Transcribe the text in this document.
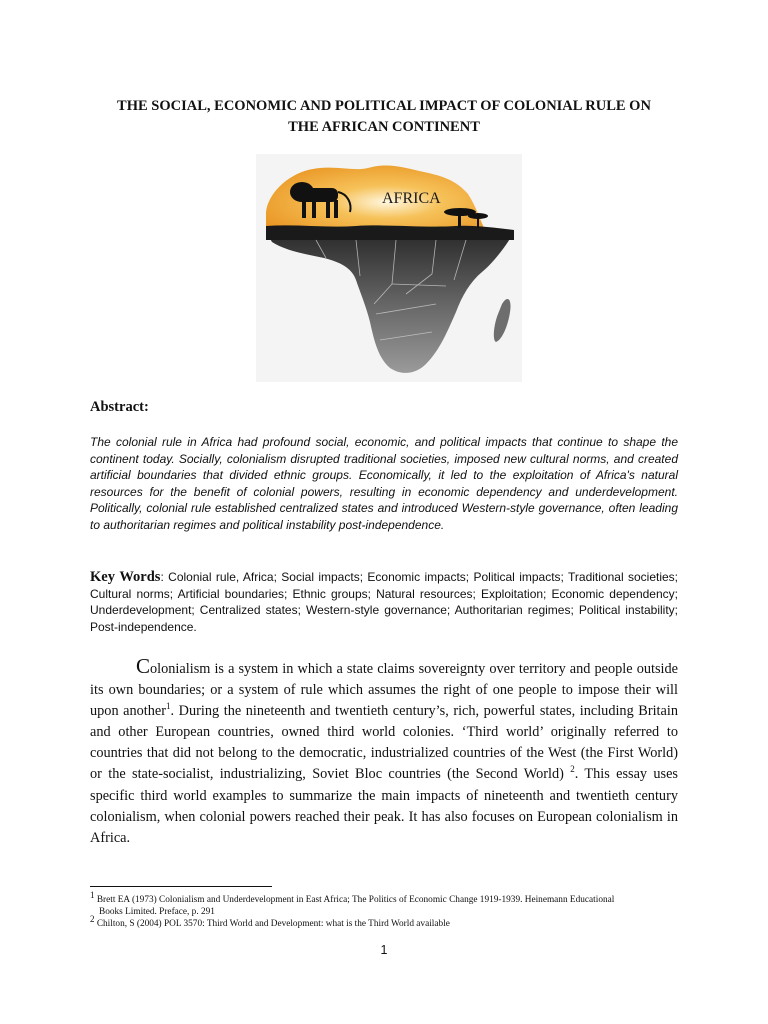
THE SOCIAL, ECONOMIC AND POLITICAL IMPACT OF COLONIAL RULE ON
THE AFRICAN CONTINENT
AFRICA
Abstract:

The colonial rule in Africa had profound social, economic, and political impacts that continue to shape the continent today. Socially, colonialism disrupted traditional societies, imposed new cultural norms, and created artificial boundaries that divided ethnic groups. Economically, it led to the exploitation of Africa's natural resources for the benefit of colonial powers, resulting in economic dependency and underdevelopment. Politically, colonial rule established centralized states and introduced Western-style governance, often leading to authoritarian regimes and political instability post-independence.

Key Words: Colonial rule, Africa; Social impacts; Economic impacts; Political impacts; Traditional societies; Cultural norms; Artificial boundaries; Ethnic groups; Natural resources; Exploitation; Economic dependency; Underdevelopment; Centralized states; Western-style governance; Authoritarian regimes; Political instability; Post-independence.

Colonialism is a system in which a state claims sovereignty over territory and people outside its own boundaries; or a system of rule which assumes the right of one people to impose their will upon another$^1$. During the nineteenth and twentieth century’s, rich, powerful states, including Britain and other European countries, owned third world colonies. ‘Third world’ originally referred to countries that did not belong to the democratic, industrialized countries of the West (the First World) or the state-socialist, industrializing, Soviet Bloc countries (the Second World) $^2$. This essay uses specific third world examples to summarize the main impacts of nineteenth and twentieth century colonialism, when colonial powers reached their peak. It has also focuses on European colonialism in Africa.

$^1$ Brett EA (1973) Colonialism and Underdevelopment in East Africa; The Politics of Economic Change 1919-1939. Heinemann Educational

Books Limited. Preface, p. 291

$^2$ Chilton, S (2004) POL 3570: Third World and Development: what is the Third World available

1
